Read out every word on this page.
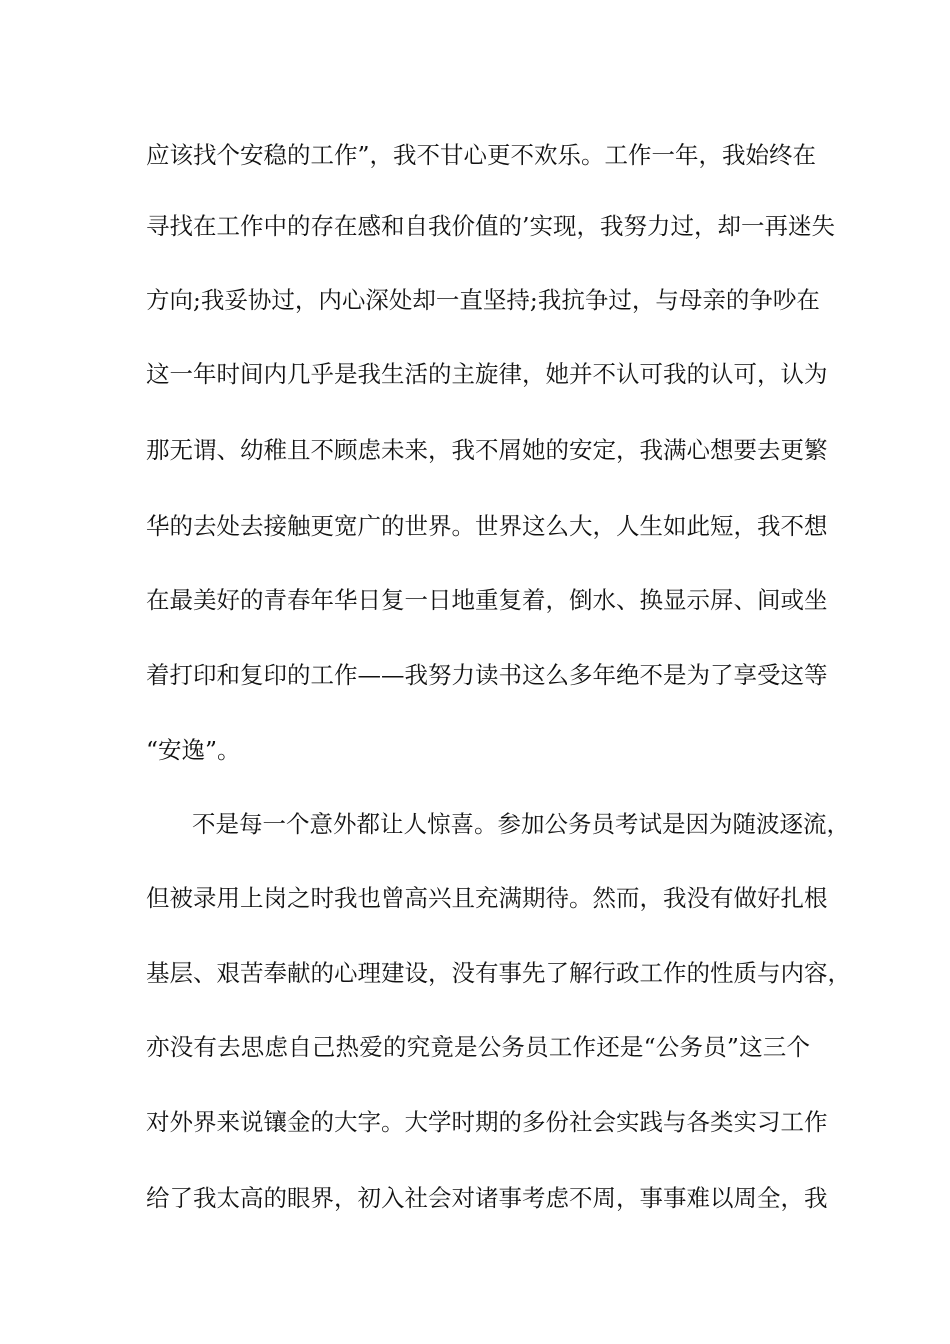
应该找个安稳的工作”，我不甘心更不欢乐。工作一年，我始终在
寻找在工作中的存在感和自我价值的’实现，我努力过，却一再迷失
方向;我妥协过，内心深处却一直坚持;我抗争过，与母亲的争吵在
这一年时间内几乎是我生活的主旋律，她并不认可我的认可，认为
那无谓、幼稚且不顾虑未来，我不屑她的安定，我满心想要去更繁
华的去处去接触更宽广的世界。世界这么大，人生如此短，我不想
在最美好的青春年华日复一日地重复着，倒水、换显示屏、间或坐
着打印和复印的工作——我努力读书这么多年绝不是为了享受这等
“安逸”。
不是每一个意外都让人惊喜。参加公务员考试是因为随波逐流，
但被录用上岗之时我也曾高兴且充满期待。然而，我没有做好扎根
基层、艰苦奉献的心理建设，没有事先了解行政工作的性质与内容，
亦没有去思虑自己热爱的究竟是公务员工作还是“公务员”这三个
对外界来说镶金的大字。大学时期的多份社会实践与各类实习工作
给了我太高的眼界，初入社会对诸事考虑不周，事事难以周全，我
